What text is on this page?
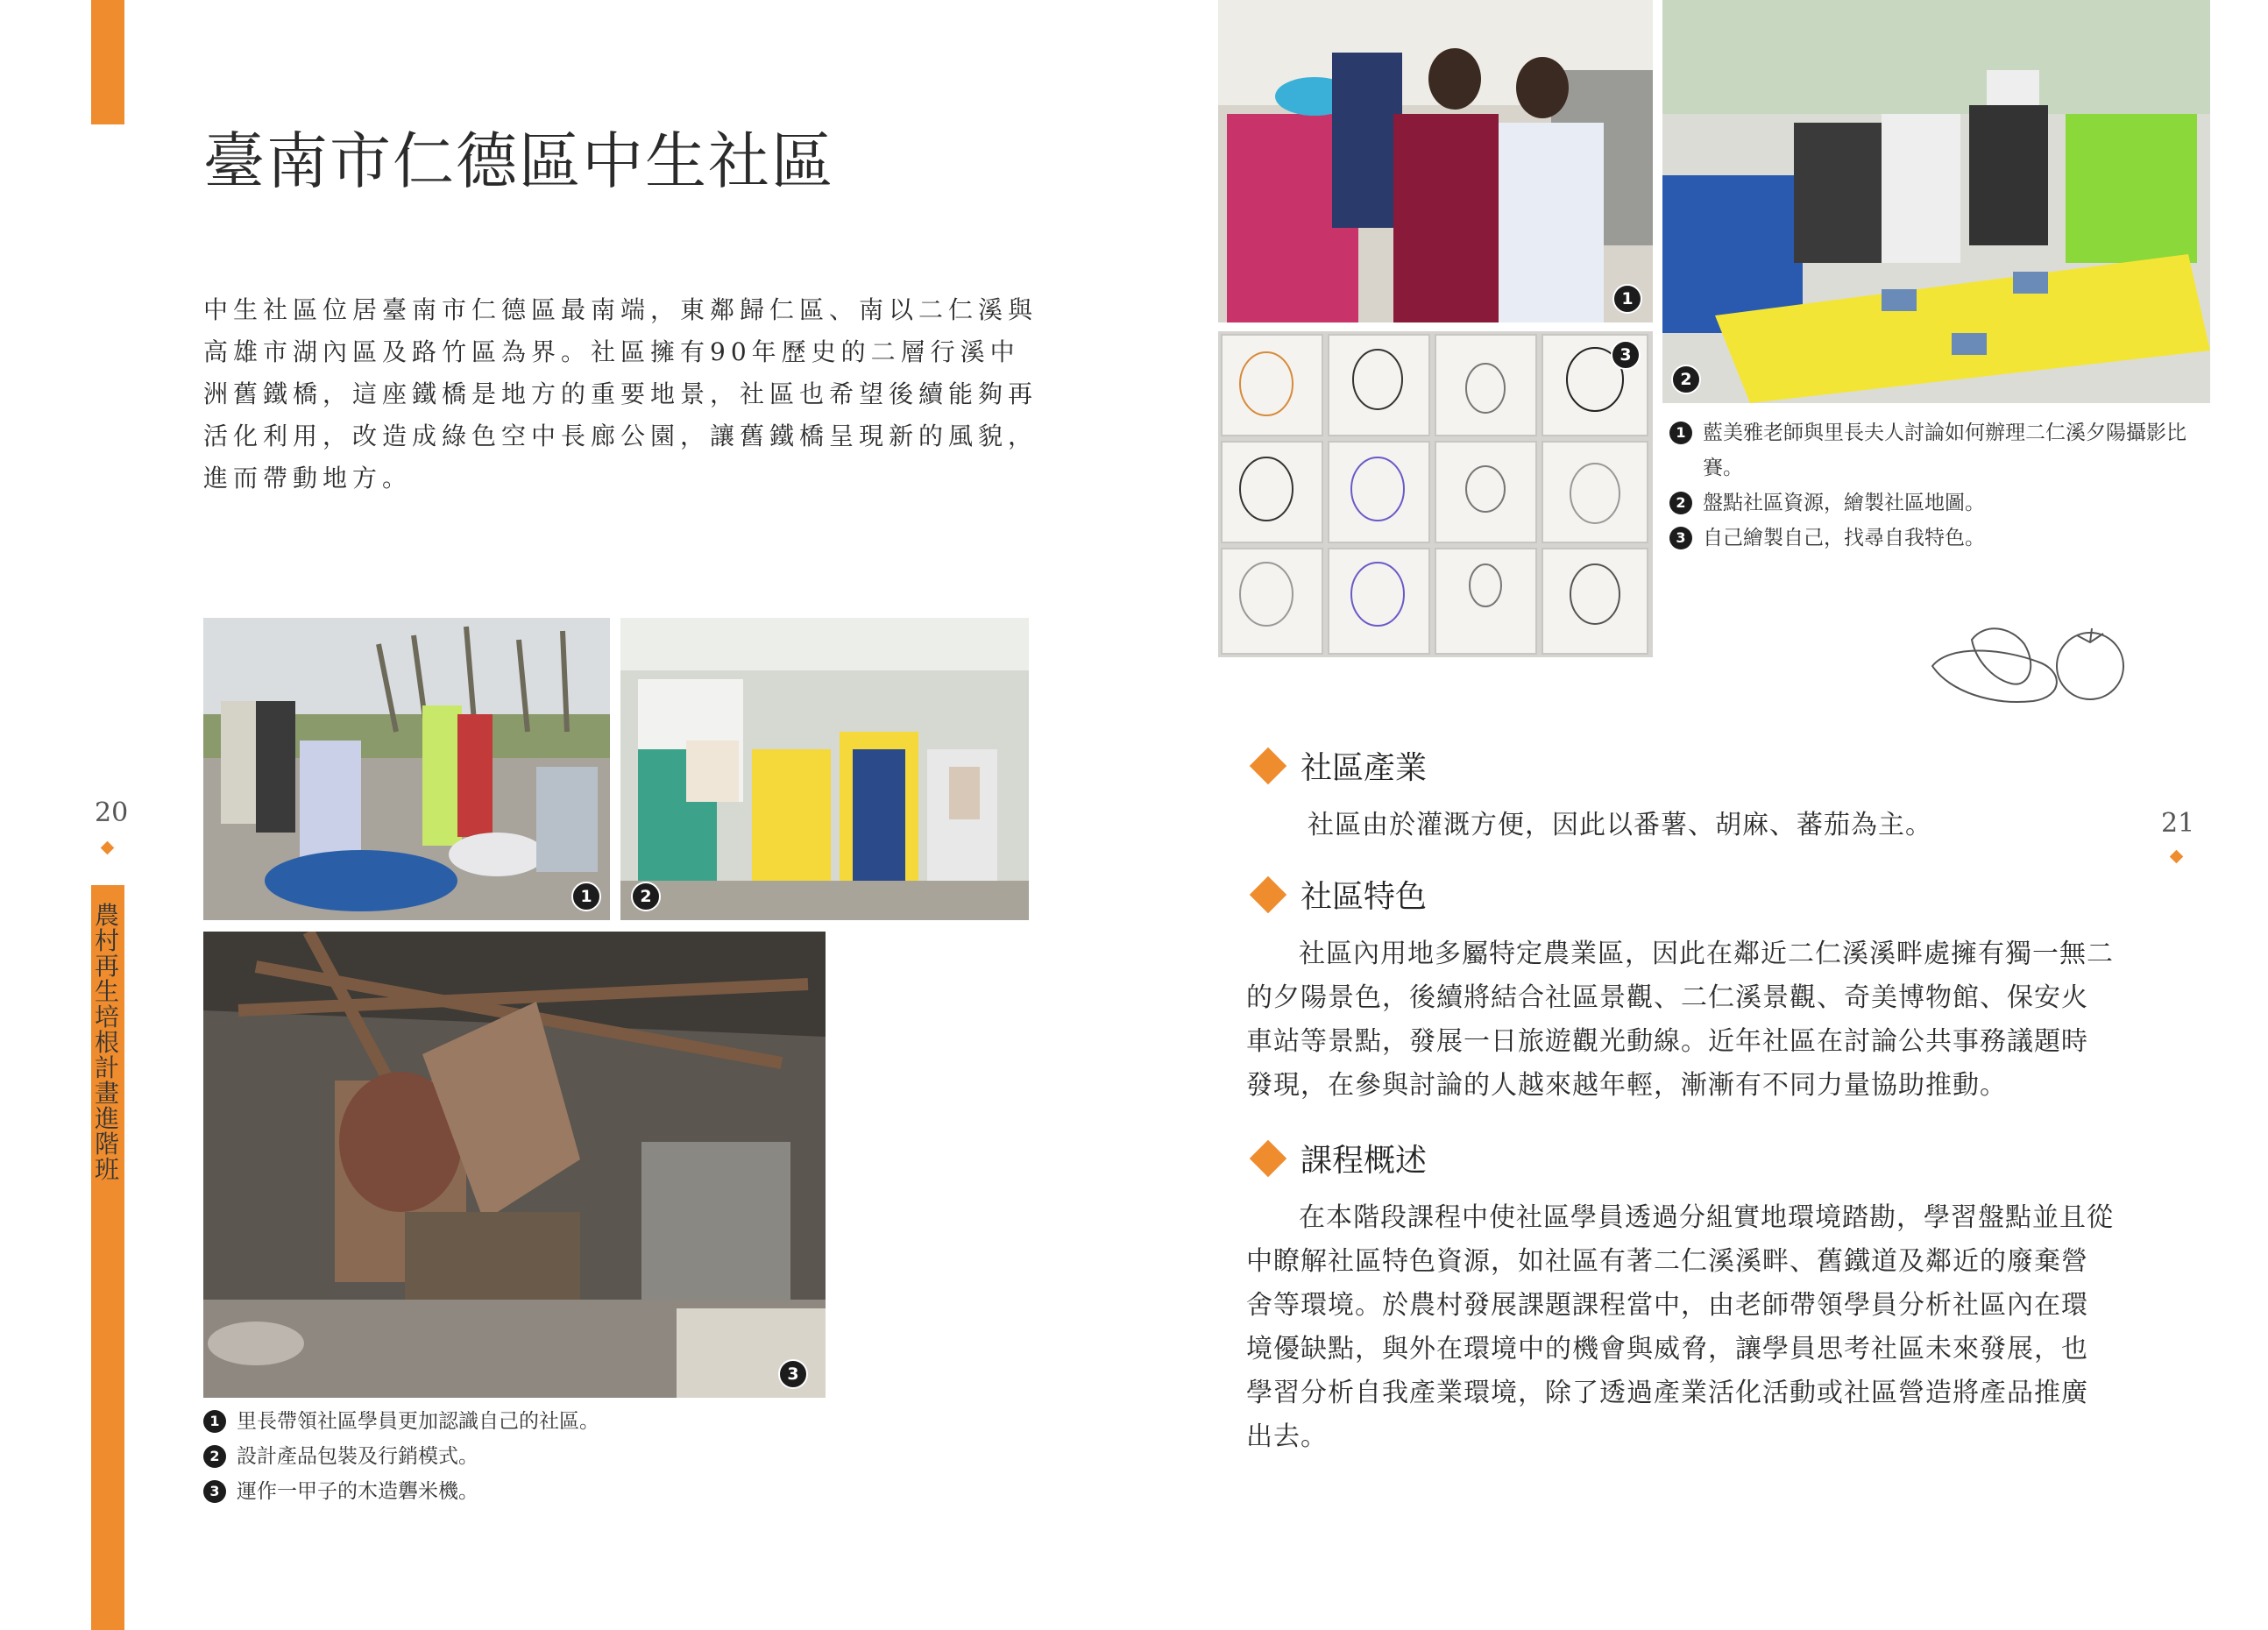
農村再生培根計畫 進階班
臺南市仁德區中生社區

中生社區位居臺南市仁德區最南端，東鄰歸仁區、南以二仁溪與高雄市湖內區及路竹區為界。社區擁有90年歷史的二層行溪中洲舊鐵橋，這座鐵橋是地方的重要地景，社區也希望後續能夠再活化利用，改造成綠色空中長廊公園，讓舊鐵橋呈現新的風貌，進而帶動地方。

20
1	2
3
1 里長帶領社區學員更加認識自己的社區。
2 設計產品包裝及行銷模式。
3 運作一甲子的木造礱米機。
1
2
3
1 藍美雅老師與里長夫人討論如何辦理二仁溪夕陽攝影比賽。
2 盤點社區資源，繪製社區地圖。
3 自己繪製自己，找尋自我特色。
21
社區產業

社區由於灌溉方便，因此以番薯、胡麻、蕃茄為主。

社區特色

社區內用地多屬特定農業區，因此在鄰近二仁溪溪畔處擁有獨一無二的夕陽景色，後續將結合社區景觀、二仁溪景觀、奇美博物館、保安火車站等景點，發展一日旅遊觀光動線。近年社區在討論公共事務議題時發現，在參與討論的人越來越年輕，漸漸有不同力量協助推動。

課程概述

在本階段課程中使社區學員透過分組實地環境踏勘，學習盤點並且從中瞭解社區特色資源，如社區有著二仁溪溪畔、舊鐵道及鄰近的廢棄營舍等環境。於農村發展課題課程當中，由老師帶領學員分析社區內在環境優缺點，與外在環境中的機會與威脅，讓學員思考社區未來發展，也學習分析自我產業環境，除了透過產業活化活動或社區營造將產品推廣出去。
